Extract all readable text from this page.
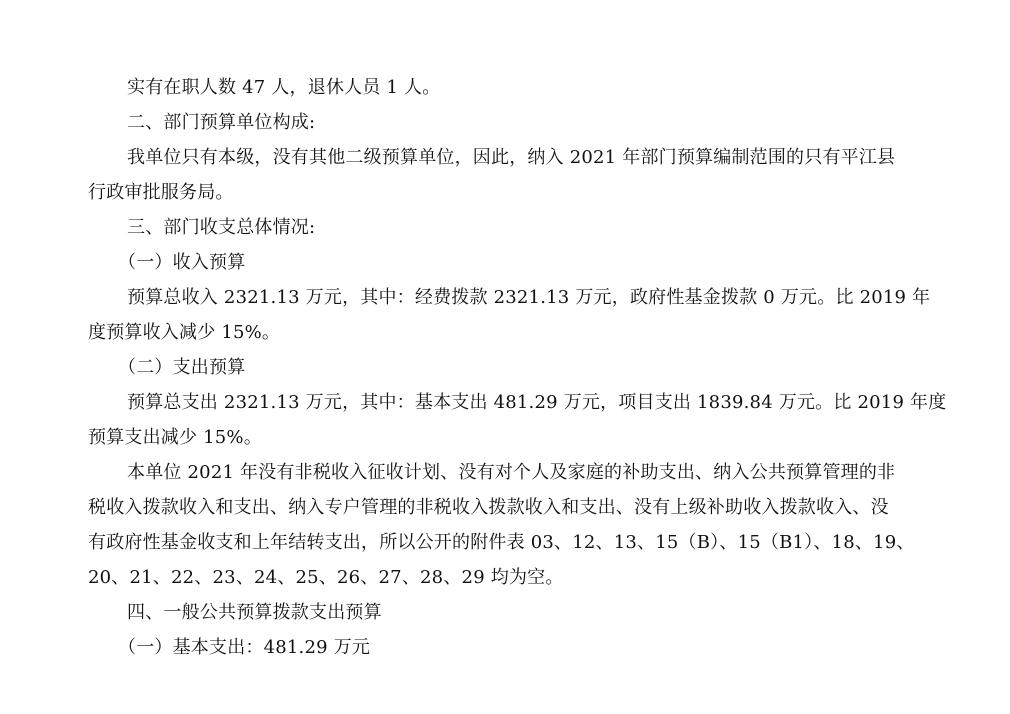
实有在职人数 47 人，退休人员 1 人。
二、部门预算单位构成:
我单位只有本级，没有其他二级预算单位，因此，纳入 2021 年部门预算编制范围的只有平江县
行政审批服务局。
三、部门收支总体情况:
（一）收入预算
预算总收入 2321.13 万元，其中：经费拨款 2321.13 万元，政府性基金拨款 0 万元。比 2019 年
度预算收入减少 15%。
（二）支出预算
预算总支出 2321.13 万元，其中：基本支出 481.29 万元，项目支出 1839.84 万元。比 2019 年度
预算支出减少 15%。
本单位 2021 年没有非税收入征收计划、没有对个人及家庭的补助支出、纳入公共预算管理的非
税收入拨款收入和支出、纳入专户管理的非税收入拨款收入和支出、没有上级补助收入拨款收入、没
有政府性基金收支和上年结转支出，所以公开的附件表 03、12、13、15（B）、15（B1）、18、19、
20、21、22、23、24、25、26、27、28、29 均为空。
四、一般公共预算拨款支出预算
（一）基本支出：481.29 万元
